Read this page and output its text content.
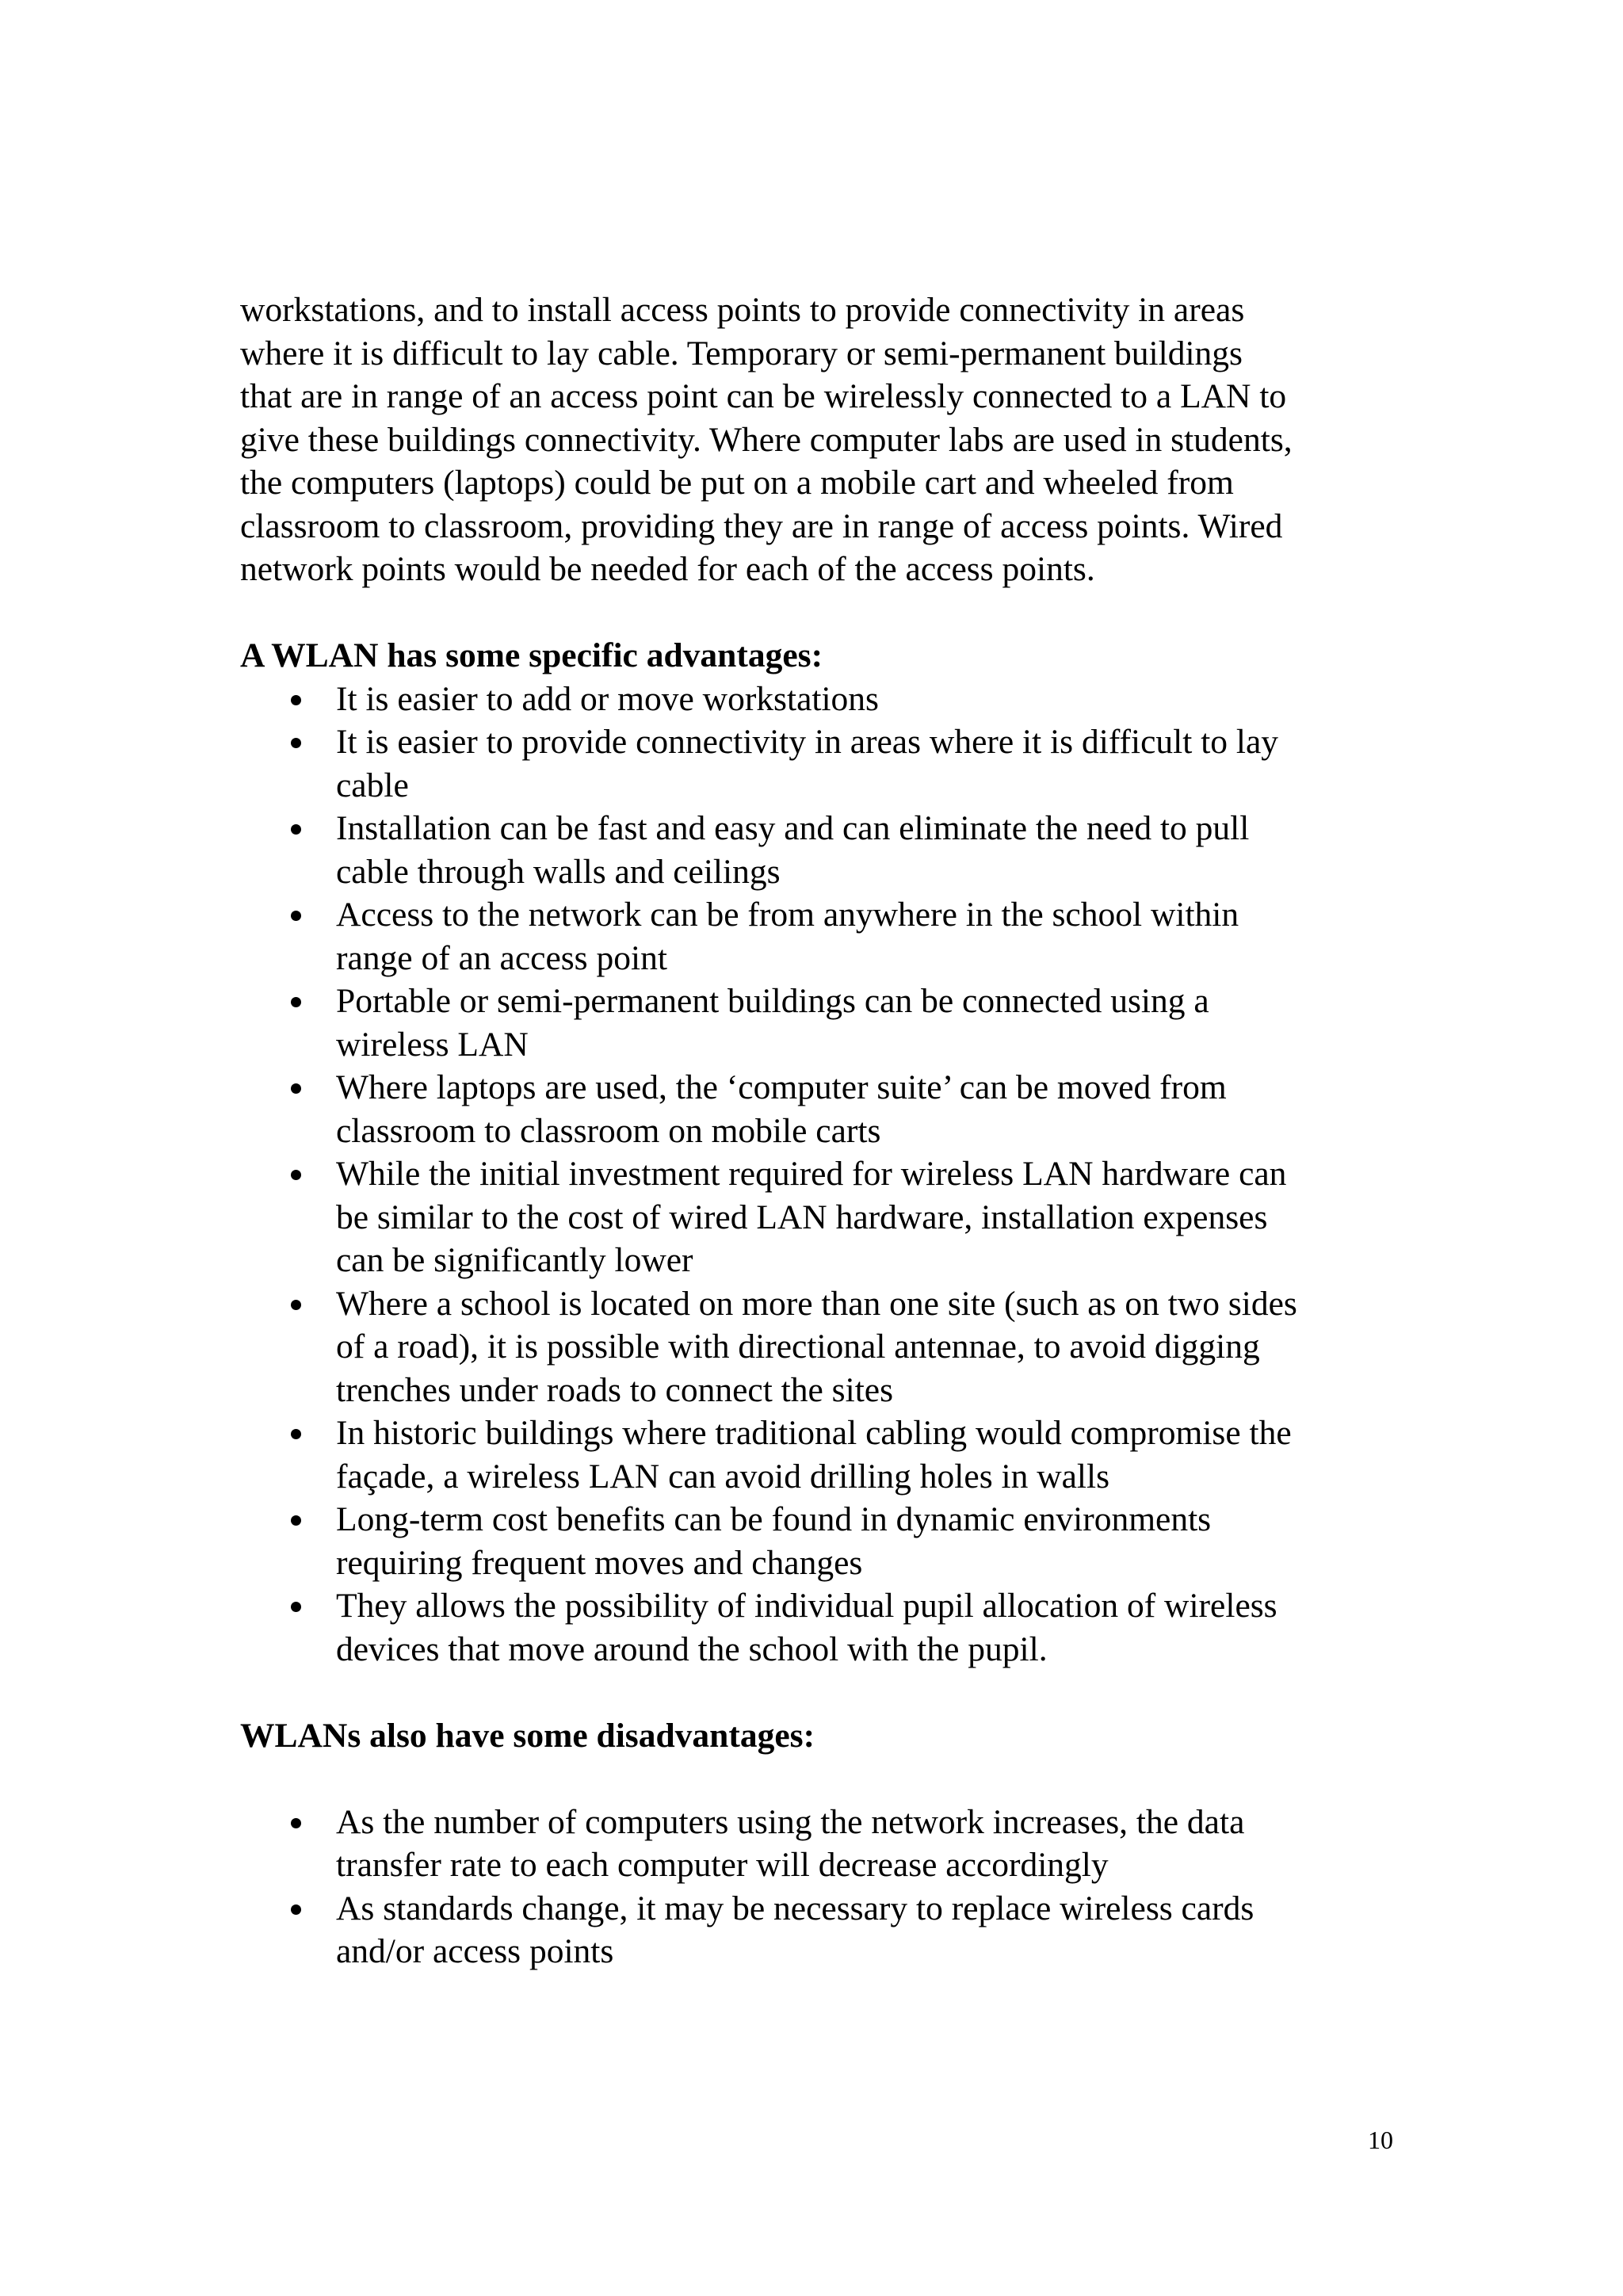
workstations, and to install access points to provide connectivity in areas
where it is difficult to lay cable. Temporary or semi-permanent buildings
that are in range of an access point can be wirelessly connected to a LAN to
give these buildings connectivity. Where computer labs are used in students,
the computers (laptops) could be put on a mobile cart and wheeled from
classroom to classroom, providing they are in range of access points. Wired
network points would be needed for each of the access points.

A WLAN has some specific advantages:

It is easier to add or move workstations
It is easier to provide connectivity in areas where it is difficult to lay
cable
Installation can be fast and easy and can eliminate the need to pull
cable through walls and ceilings
Access to the network can be from anywhere in the school within
range of an access point
Portable or semi-permanent buildings can be connected using a
wireless LAN
Where laptops are used, the ‘computer suite’ can be moved from
classroom to classroom on mobile carts
While the initial investment required for wireless LAN hardware can
be similar to the cost of wired LAN hardware, installation expenses
can be significantly lower
Where a school is located on more than one site (such as on two sides
of a road), it is possible with directional antennae, to avoid digging
trenches under roads to connect the sites
In historic buildings where traditional cabling would compromise the
façade, a wireless LAN can avoid drilling holes in walls
Long-term cost benefits can be found in dynamic environments
requiring frequent moves and changes
They allows the possibility of individual pupil allocation of wireless
devices that move around the school with the pupil.

WLANs also have some disadvantages:

As the number of computers using the network increases, the data
transfer rate to each computer will decrease accordingly
As standards change, it may be necessary to replace wireless cards
and/or access points
10
